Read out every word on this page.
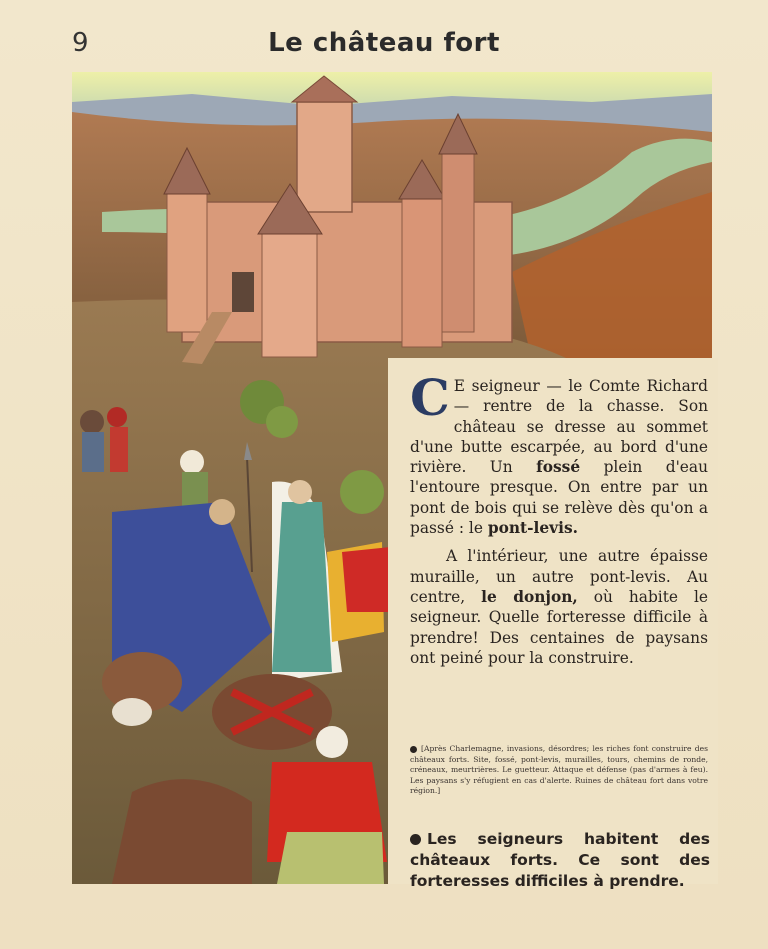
9	Le château fort

C E seigneur — le Comte Richard — rentre de la chasse. Son château se dresse au sommet d'une butte escarpée, au bord d'une rivière. Un fossé plein d'eau l'entoure presque. On entre par un pont de bois qui se relève dès qu'on a passé : le pont-levis.

A l'intérieur, une autre épaisse muraille, un autre pont-levis. Au centre, le donjon, où habite le seigneur. Quelle forteresse difficile à prendre! Des centaines de paysans ont peiné pour la construire.

[Après Charlemagne, invasions, désordres; les riches font construire des châteaux forts. Site, fossé, pont-levis, murailles, tours, chemins de ronde, créneaux, meurtrières. Le guetteur. Attaque et défense (pas d'armes à feu). Les paysans s'y réfugient en cas d'alerte. Ruines de château fort dans votre région.]
Les seigneurs habitent des châteaux forts. Ce sont des forteresses difficiles à prendre.
